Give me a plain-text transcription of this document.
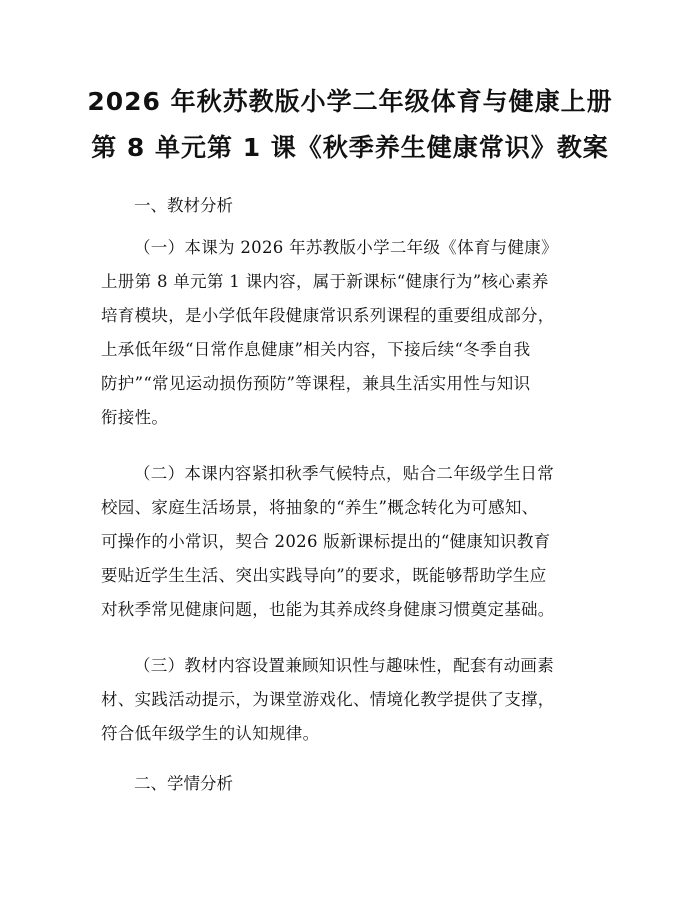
2026 年秋苏教版小学二年级体育与健康上册
第 8 单元第 1 课《秋季养生健康常识》教案
一、教材分析
（一）本课为 2026 年苏教版小学二年级《体育与健康》
上册第 8 单元第 1 课内容，属于新课标“健康行为”核心素养
培育模块，是小学低年段健康常识系列课程的重要组成部分，
上承低年级“日常作息健康”相关内容，下接后续“冬季自我
防护”“常见运动损伤预防”等课程，兼具生活实用性与知识
衔接性。
（二）本课内容紧扣秋季气候特点，贴合二年级学生日常
校园、家庭生活场景，将抽象的“养生”概念转化为可感知、
可操作的小常识，契合 2026 版新课标提出的“健康知识教育
要贴近学生生活、突出实践导向”的要求，既能够帮助学生应
对秋季常见健康问题，也能为其养成终身健康习惯奠定基础。
（三）教材内容设置兼顾知识性与趣味性，配套有动画素
材、实践活动提示，为课堂游戏化、情境化教学提供了支撑，
符合低年级学生的认知规律。
二、学情分析
